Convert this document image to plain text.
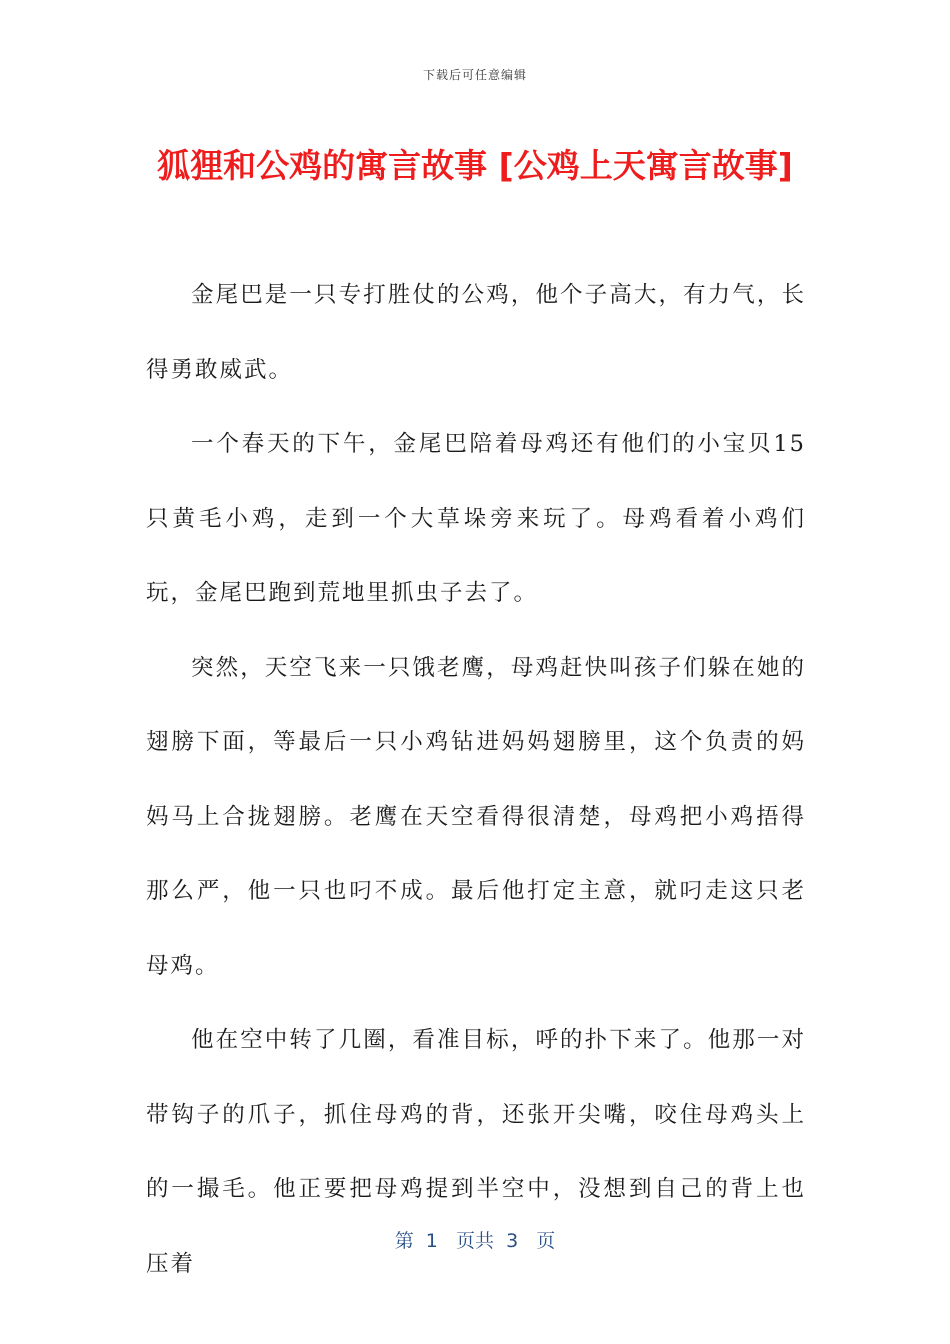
下载后可任意编辑
狐狸和公鸡的寓言故事 [公鸡上天寓言故事]

金尾巴是一只专打胜仗的公鸡，他个子高大，有力气，长得勇敢威武。

一个春天的下午，金尾巴陪着母鸡还有他们的小宝贝15只黄毛小鸡，走到一个大草垛旁来玩了。母鸡看着小鸡们玩，金尾巴跑到荒地里抓虫子去了。

突然，天空飞来一只饿老鹰，母鸡赶快叫孩子们躲在她的翅膀下面，等最后一只小鸡钻进妈妈翅膀里，这个负责的妈妈马上合拢翅膀。老鹰在天空看得很清楚，母鸡把小鸡捂得那么严，他一只也叼不成。最后他打定主意，就叼走这只老母鸡。

他在空中转了几圈，看准目标，呼的扑下来了。他那一对带钩子的爪子，抓住母鸡的背，还张开尖嘴，咬住母鸡头上的一撮毛。他正要把母鸡提到半空中，没想到自己的背上也压着

第  1   页共  3   页
